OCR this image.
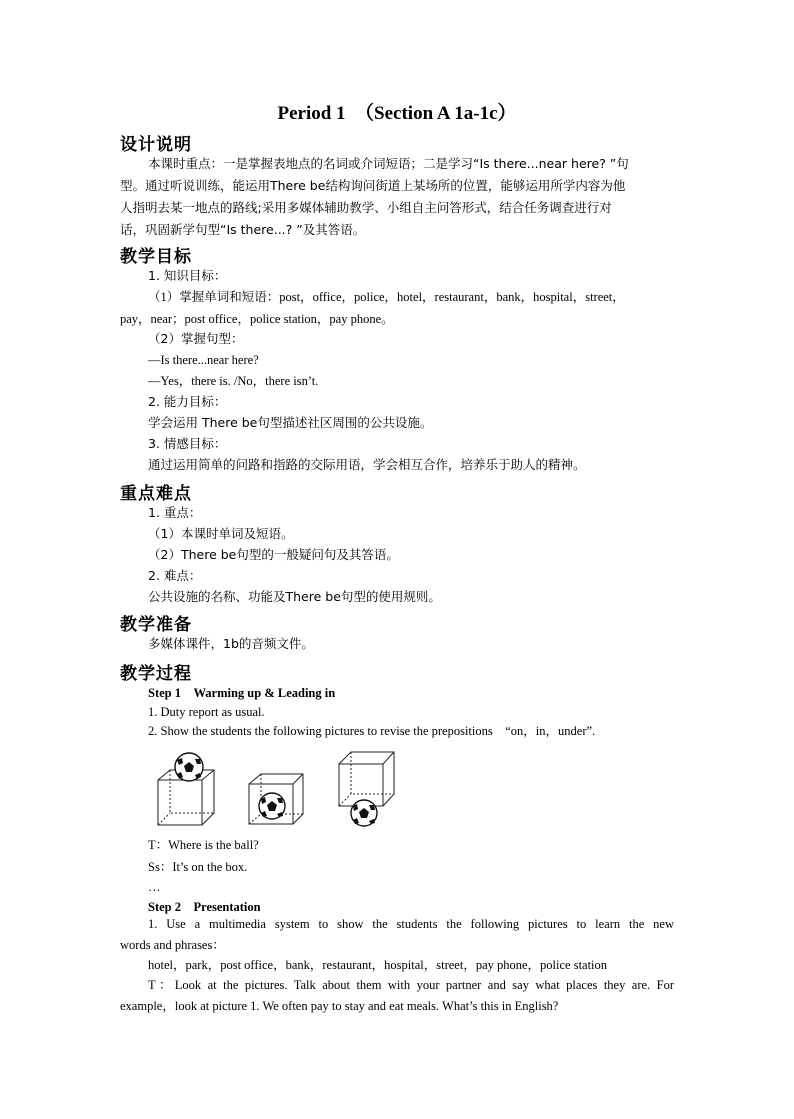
Period 1　（Section A 1a-1c）
设计说明
本课时重点：一是掌握表地点的名词或介词短语；二是学习“Is there...near here? ”句
型。通过听说训练，能运用There be结构询问街道上某场所的位置，能够运用所学内容为他
人指明去某一地点的路线;采用多媒体辅助教学、小组自主问答形式，结合任务调查进行对
话，巩固新学句型“Is there...? ”及其答语。
教学目标
1. 知识目标：
（1）掌握单词和短语：post，office，police，hotel，restaurant，bank，hospital，street，
pay，near；post office，police station，pay phone。
（2）掌握句型：
—Is there...near here?
—Yes，there is. /No，there isn’t.
2. 能力目标：
学会运用 There be句型描述社区周围的公共设施。
3. 情感目标：
通过运用简单的问路和指路的交际用语，学会相互合作，培养乐于助人的精神。
重点难点
1. 重点：
（1）本课时单词及短语。
（2）There be句型的一般疑问句及其答语。
2. 难点：
公共设施的名称、功能及There be句型的使用规则。
教学准备
多媒体课件，1b的音频文件。
教学过程
Step 1　Warming up & Leading in
1. Duty report as usual.
2. Show the students the following pictures to revise the prepositions　“on，in，under”.
T：Where is the ball?
Ss：It’s on the box.
…
Step 2　Presentation
1. Use a multimedia system to show the students the following pictures to learn the new
words and phrases：
hotel，park，post office，bank，restaurant，hospital，street，pay phone，police station
T：Look at the pictures. Talk about them with your partner and say what places they are. For
example，look at picture 1. We often pay to stay and eat meals. What’s this in English?
